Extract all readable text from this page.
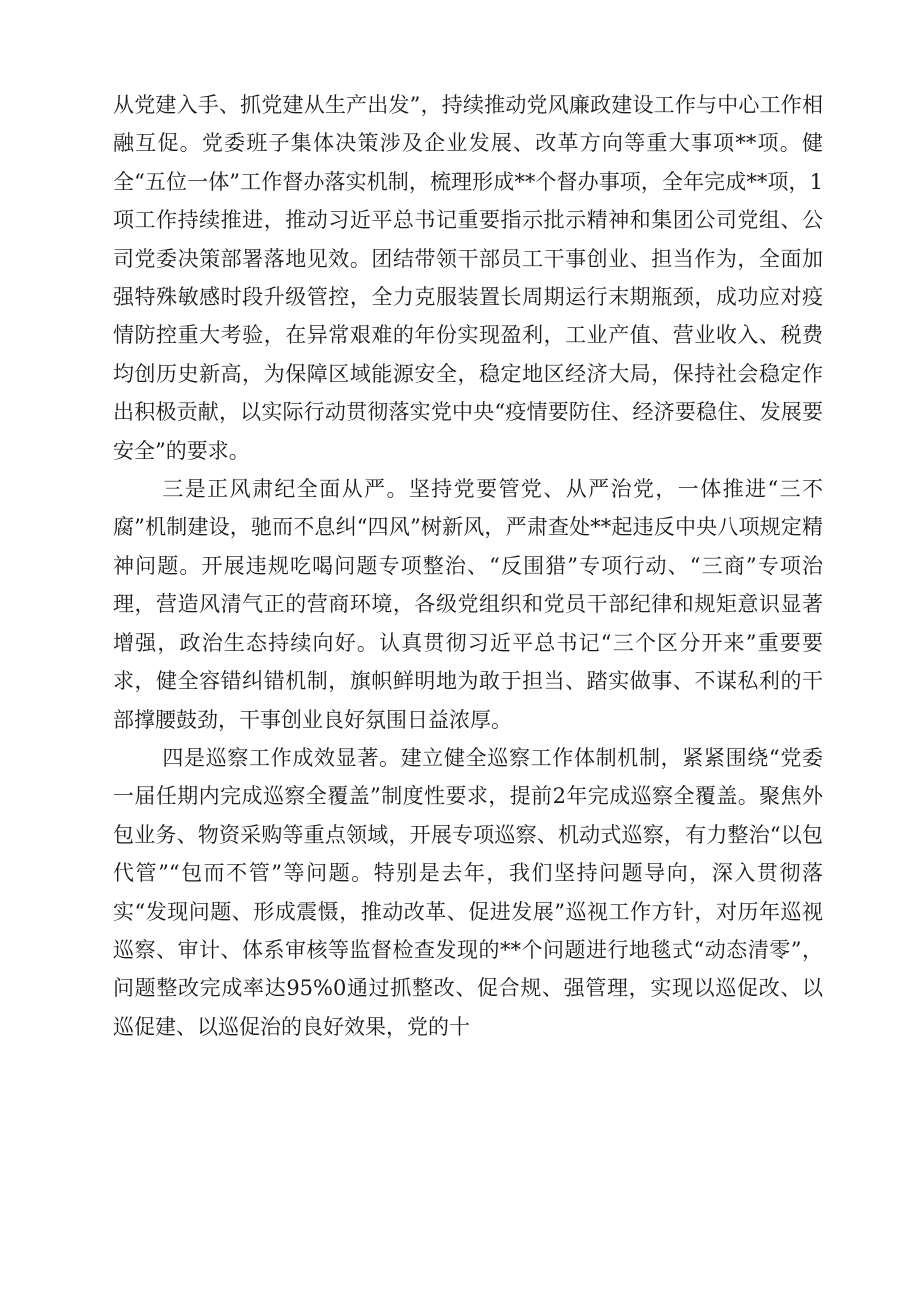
从党建入手、抓党建从生产出发”，持续推动党风廉政建设工作与中心工作相融互促。党委班子集体决策涉及企业发展、改革方向等重大事项**项。健全“五位一体”工作督办落实机制，梳理形成**个督办事项，全年完成**项，1项工作持续推进，推动习近平总书记重要指示批示精神和集团公司党组、公司党委决策部署落地见效。团结带领干部员工干事创业、担当作为，全面加强特殊敏感时段升级管控，全力克服装置长周期运行末期瓶颈，成功应对疫情防控重大考验，在异常艰难的年份实现盈利，工业产值、营业收入、税费均创历史新高，为保障区域能源安全，稳定地区经济大局，保持社会稳定作出积极贡献，以实际行动贯彻落实党中央“疫情要防住、经济要稳住、发展要安全”的要求。

三是正风肃纪全面从严。坚持党要管党、从严治党，一体推进“三不腐”机制建设，驰而不息纠“四风”树新风，严肃查处**起违反中央八项规定精神问题。开展违规吃喝问题专项整治、“反围猎”专项行动、“三商”专项治理，营造风清气正的营商环境，各级党组织和党员干部纪律和规矩意识显著增强，政治生态持续向好。认真贯彻习近平总书记“三个区分开来”重要要求，健全容错纠错机制，旗帜鲜明地为敢于担当、踏实做事、不谋私利的干部撑腰鼓劲，干事创业良好氛围日益浓厚。

四是巡察工作成效显著。建立健全巡察工作体制机制，紧紧围绕“党委一届任期内完成巡察全覆盖”制度性要求，提前2年完成巡察全覆盖。聚焦外包业务、物资采购等重点领域，开展专项巡察、机动式巡察，有力整治“以包代管”“包而不管”等问题。特别是去年，我们坚持问题导向，深入贯彻落实“发现问题、形成震慑，推动改革、促进发展”巡视工作方针，对历年巡视巡察、审计、体系审核等监督检查发现的**个问题进行地毯式“动态清零”，问题整改完成率达95%0通过抓整改、促合规、强管理，实现以巡促改、以巡促建、以巡促治的良好效果，党的十
